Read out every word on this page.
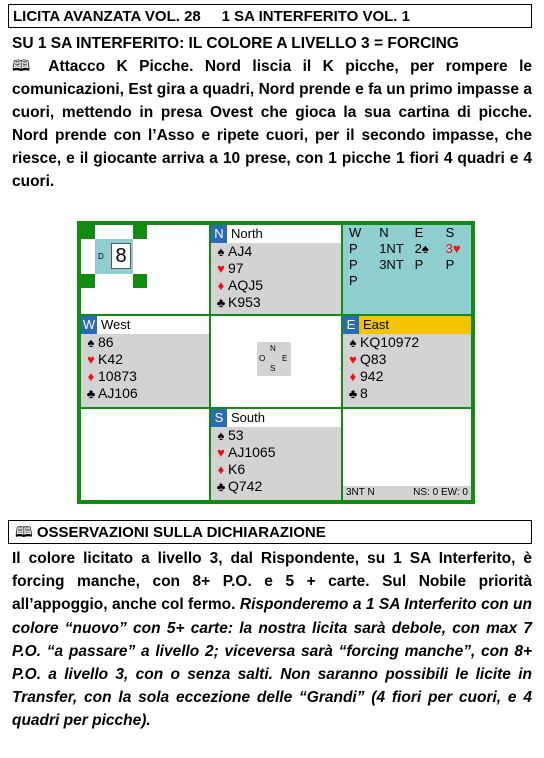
LICITA AVANZATA VOL. 28 1 SA INTERFERITO VOL. 1
SU 1 SA INTERFERITO: IL COLORE A LIVELLO 3 = FORCING
🕮 Attacco K Picche. Nord liscia il K picche, per rompere le comunicazioni, Est gira a quadri, Nord prende e fa un primo impasse a cuori, mettendo in presa Ovest che gioca la sua cartina di picche. Nord prende con l’Asso e ripete cuori, per il secondo impasse, che riesce, e il giocante arriva a 10 prese, con 1 picche 1 fiori 4 quadri e 4 cuori.
D 8
N North
♠ AJ4
♥ 97
♦ AQJ5
♣ K953
W	N	E	S
P	1NT	2♠	3♥
P	3NT	P	P
P			
W West
♠ 86
♥ K42
♦ 10873
♣ AJ106
N
O E
S
E East
♠ KQ10972
♥ Q83
♦ 942
♣ 8
S South
♠ 53
♥ AJ1065
♦ K6
♣ Q742	3NT N	NS: 0 EW: 0
🕮 OSSERVAZIONI SULLA DICHIARAZIONE
Il colore licitato a livello 3, dal Rispondente, su 1 SA Interferito, è forcing manche, con 8+ P.O. e 5 + carte. Sul Nobile priorità all’appoggio, anche col fermo. Risponderemo a 1 SA Interferito con un colore “nuovo” con 5+ carte: la nostra licita sarà debole, con max 7 P.O. “a passare” a livello 2; viceversa sarà “forcing manche”, con 8+ P.O. a livello 3, con o senza salti. Non saranno possibili le licite in Transfer, con la sola eccezione delle “Grandi” (4 fiori per cuori, e 4 quadri per picche).
